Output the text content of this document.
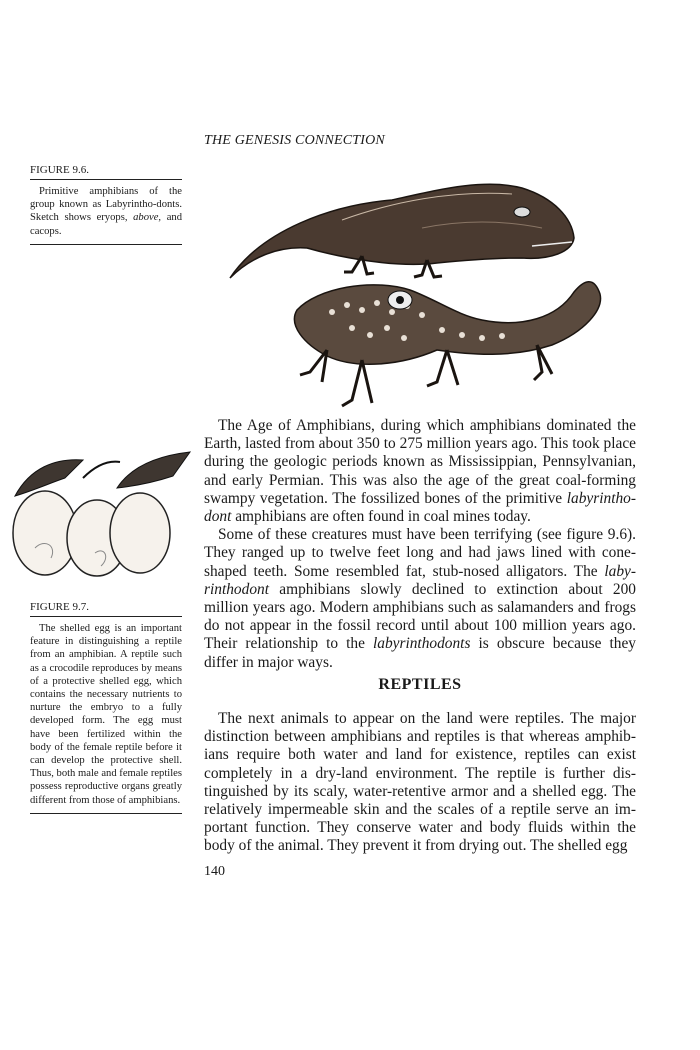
THE GENESIS CONNECTION
FIGURE 9.6.
Primitive amphibians of the group known as Labyrintho-donts. Sketch shows eryops, above, and cacops.
FIGURE 9.7.
The shelled egg is an important feature in distinguishing a reptile from an amphibian. A reptile such as a crocodile reproduces by means of a protective shelled egg, which contains the necessary nutrients to nurture the embryo to a fully developed form. The egg must have been fertilized within the body of the female reptile before it can develop the protective shell. Thus, both male and female reptiles possess reproductive organs greatly different from those of amphibians.

The Age of Amphibians, during which amphibians dominated the Earth, lasted from about 350 to 275 million years ago. This took place during the geologic periods known as Mississippian, Pennsylvanian, and early Permian. This was also the age of the great coal-forming swampy vegetation. The fossilized bones of the primitive labyrintho-dont amphibians are often found in coal mines today.

Some of these creatures must have been terrifying (see figure 9.6). They ranged up to twelve feet long and had jaws lined with cone-shaped teeth. Some resembled fat, stub-nosed alligators. The laby-rinthodont amphibians slowly declined to extinction about 200 million years ago. Modern amphibians such as salamanders and frogs do not appear in the fossil record until about 100 million years ago. Their relationship to the labyrinthodonts is obscure because they differ in major ways.

REPTILES

The next animals to appear on the land were reptiles. The major distinction between amphibians and reptiles is that whereas amphib-ians require both water and land for existence, reptiles can exist completely in a dry-land environment. The reptile is further dis-tinguished by its scaly, water-retentive armor and a shelled egg. The relatively impermeable skin and the scales of a reptile serve an im-portant function. They conserve water and body fluids within the body of the animal. They prevent it from drying out. The shelled egg

140
